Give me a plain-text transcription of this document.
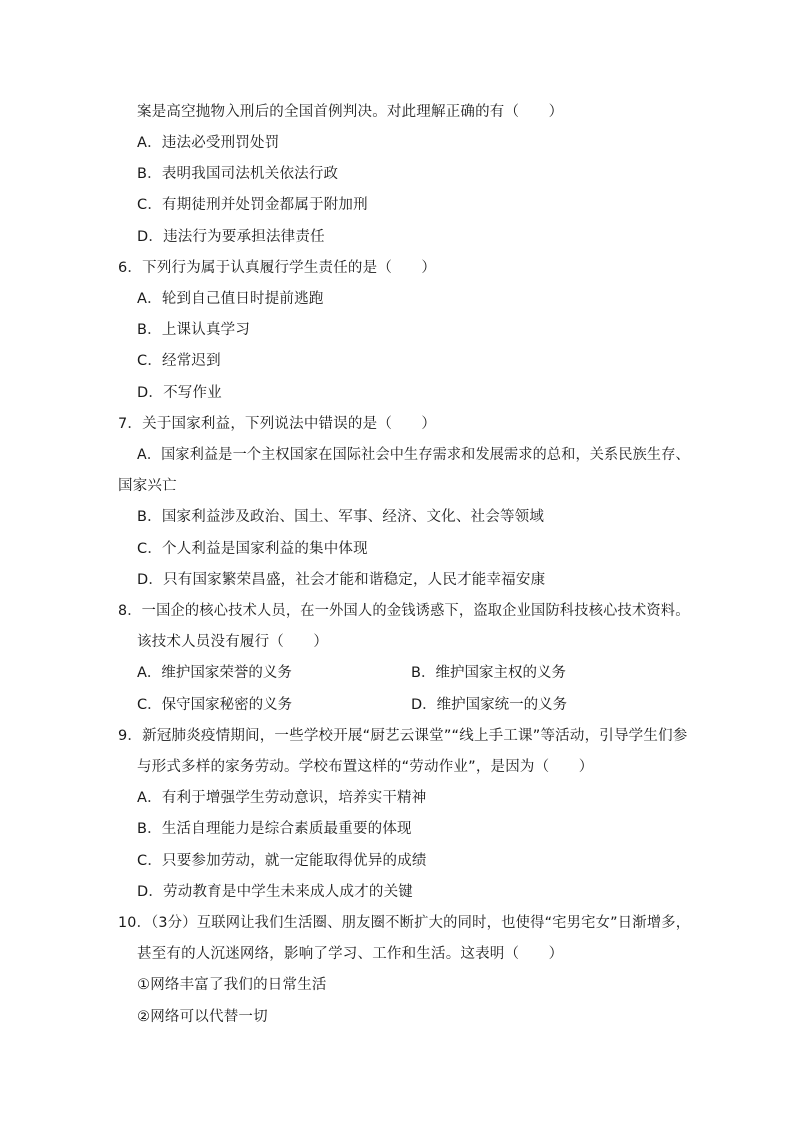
案是高空抛物入刑后的全国首例判决。对此理解正确的有（　　）
A．违法必受刑罚处罚
B．表明我国司法机关依法行政
C．有期徒刑并处罚金都属于附加刑
D．违法行为要承担法律责任
6．下列行为属于认真履行学生责任的是（　　）
A．轮到自己值日时提前逃跑
B．上课认真学习
C．经常迟到
D．不写作业
7．关于国家利益，下列说法中错误的是（　　）
A．国家利益是一个主权国家在国际社会中生存需求和发展需求的总和，关系民族生存、
国家兴亡
B．国家利益涉及政治、国土、军事、经济、文化、社会等领域
C．个人利益是国家利益的集中体现
D．只有国家繁荣昌盛，社会才能和谐稳定，人民才能幸福安康
8．一国企的核心技术人员，在一外国人的金钱诱惑下，盗取企业国防科技核心技术资料。
该技术人员没有履行（　　）
A．维护国家荣誉的义务	B．维护国家主权的义务
C．保守国家秘密的义务	D．维护国家统一的义务
9．新冠肺炎疫情期间，一些学校开展“厨艺云课堂”“线上手工课”等活动，引导学生们参
与形式多样的家务劳动。学校布置这样的“劳动作业”，是因为（　　）
A．有利于增强学生劳动意识，培养实干精神
B．生活自理能力是综合素质最重要的体现
C．只要参加劳动，就一定能取得优异的成绩
D．劳动教育是中学生未来成人成才的关键
10．（3分）互联网让我们生活圈、朋友圈不断扩大的同时，也使得“宅男宅女”日渐增多，
甚至有的人沉迷网络，影响了学习、工作和生活。这表明（　　）
①网络丰富了我们的日常生活
②网络可以代替一切
